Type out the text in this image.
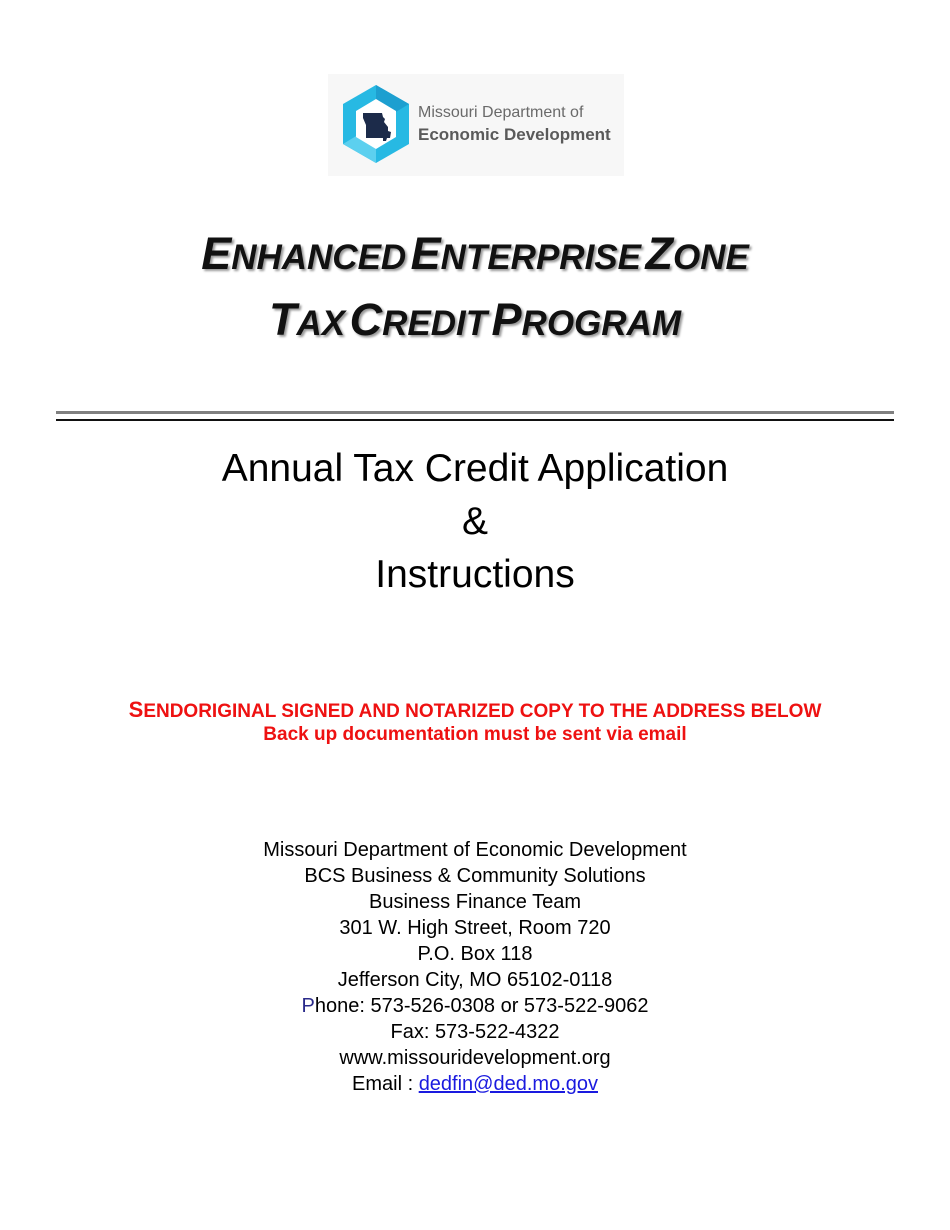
Missouri Department of
Economic Development
ENHANCED ENTERPRISE ZONE
TAX CREDIT PROGRAM
Annual Tax Credit Application
&
Instructions
SENDORIGINAL SIGNED AND NOTARIZED COPY TO THE ADDRESS BELOW
Back up documentation must be sent via email
Missouri Department of Economic Development
BCS Business & Community Solutions
Business Finance Team
301 W. High Street, Room 720
P.O. Box 118
Jefferson City, MO 65102-0118
Phone: 573-526-0308 or 573-522-9062
Fax: 573-522-4322
www.missouridevelopment.org
Email : dedfin@ded.mo.gov
